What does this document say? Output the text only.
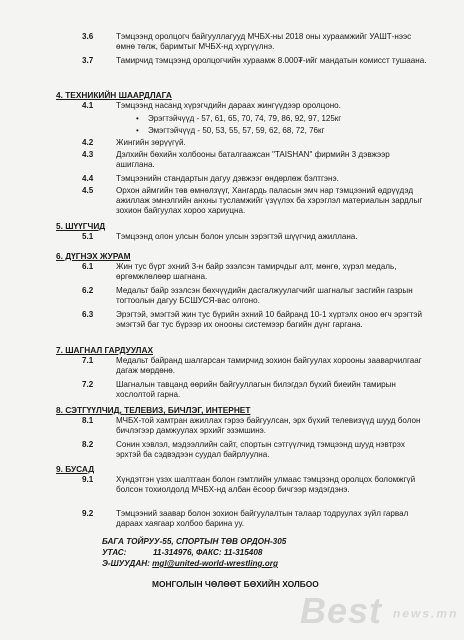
3.6	Тэмцээнд оролцогч байгууллагууд МЧБХ-ны 2018 оны хураамжийг УАШТ-нээс өмнө төлж, баримтыг МЧБХ-нд хүргүүлнэ.
3.7	Тамирчид тэмцээнд оролцогчийн хураамж 8.000₮-ийг мандатын комисст тушаана.
4. ТЕХНИКИЙН ШААРДЛАГА
4.1	Тэмцээнд насанд хүрэгчдийн дараах жингүүдээр оролцоно.
• Эрэгтэйчүүд - 57, 61, 65, 70, 74, 79, 86, 92, 97, 125кг
• Эмэгтэйчүүд - 50, 53, 55, 57, 59, 62, 68, 72, 76кг
4.2	Жингийн зөрүүгүй.
4.3	Дэлхийн бөхийн холбооны баталгаажсан "TAISHAN" фирмийн 3 дэвжээр ашиглана.
4.4	Тэмцээнийн стандартын дагуу дэвжээг өндөрлөж бэлтгэнэ.
4.5	Орхон аймгийн төв өмнөлзүүг, Хангардь паласын эмч нар тэмцээний өдрүүдэд ажиллаж эмнэлгийн анхны тусламжийг үзүүлэх ба хэрэглэл материалын зардлыг зохион байгуулах хороо хариуцна.
5. ШҮҮГЧИД
5.1	Тэмцээнд олон улсын болон улсын зэрэгтэй шүүгчид ажиллана.
6. ДҮГНЭХ ЖУРАМ
6.1	Жин тус бүрт эхний 3-н байр эзэлсэн тамирчдыг алт, мөнгө, хүрэл медаль, өргөмжлөлөөр шагнана.
6.2	Медальт байр эзэлсэн бөхчүүдийн дасгалжуулагчийг шагналыг засгийн газрын тогтоолын дагуу БСШУСЯ-вас олгоно.
6.3	Эрэгтэй, эмэгтэй жин тус бүрийн эхний 10 байранд 10-1 хүртэлх оноо өгч эрэгтэй эмэгтэй баг тус бүрээр их онооны системээр багийн дүнг гаргана.
7. ШАГНАЛ ГАРДУУЛАХ
7.1	Медальт байранд шалгарсан тамирчид зохион байгуулах хорооны зааварчилгааг дагаж мөрдөнө.
7.2	Шагналын тавцанд өөрийн байгууллагын билэгдэл бүхий биеийн тамирын хослолтой гарна.
8. СЭТГҮҮЛЧИД, ТЕЛЕВИЗ, БИЧЛЭГ, ИНТЕРНЕТ
8.1	МЧБХ-той хамтран ажиллах гэрээ байгуулсан, эрх бүхий телевизүүд шууд болон бичлэгээр дамжуулах эрхийг эзэмшинэ.
8.2	Сонин хэвлэл, мэдээллийн сайт, спортын сэтгүүлчид тэмцээнд шууд нэвтрэх эрхтэй ба сэдвэдээн суудал байрлуулна.
9. БУСАД
9.1	Хүндэтгэн үзэх шалтгаан болон гэмтлийн улмаас тэмцээнд оролцох боломжгүй болсон тохиолдолд МЧБХ-нд албан ёсоор бичгээр мэдэгдэнэ.
9.2	Тэмцээний заавар болон зохион байгуулалтын талаар тодруулах зүйл гарвал дараах хаягаар холбоо барина уу.
БАГА ТОЙРУУ-55, СПОРТЫН ТӨВ ОРДОН-305
УТАС:	11-314976, ФАКС: 11-315408
Э-ШУУДАН: mgl@united-world-wrestling.org
МОНГОЛЫН ЧӨЛӨӨТ БӨХИЙН ХОЛБОО
Best news.mn
